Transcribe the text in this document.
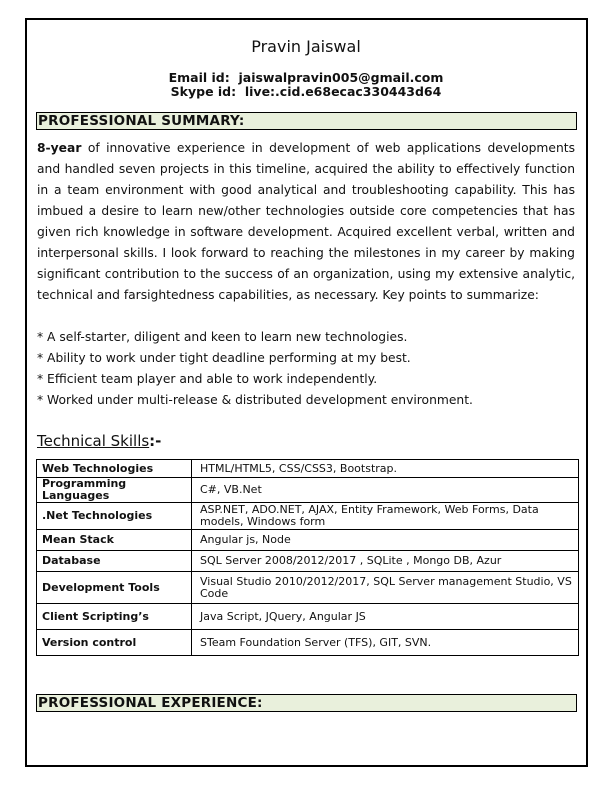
Pravin Jaiswal
Email id: jaiswalpravin005@gmail.com
Skype id: live:.cid.e68ecac330443d64
PROFESSIONAL SUMMARY:
8-year of innovative experience in development of web applications developments and handled seven projects in this timeline, acquired the ability to effectively function in a team environment with good analytical and troubleshooting capability. This has imbued a desire to learn new/other technologies outside core competencies that has given rich knowledge in software development. Acquired excellent verbal, written and interpersonal skills. I look forward to reaching the milestones in my career by making significant contribution to the success of an organization, using my extensive analytic, technical and farsightedness capabilities, as necessary. Key points to summarize:
* A self-starter, diligent and keen to learn new technologies.
* Ability to work under tight deadline performing at my best.
* Efficient team player and able to work independently.
* Worked under multi-release & distributed development environment.
Technical Skills:-
Web Technologies	HTML/HTML5, CSS/CSS3, Bootstrap.
Programming Languages	C#, VB.Net
.Net Technologies	ASP.NET, ADO.NET, AJAX, Entity Framework, Web Forms, Data models, Windows form
Mean Stack	Angular js, Node
Database	SQL Server 2008/2012/2017 , SQLite , Mongo DB, Azur
Development Tools	Visual Studio 2010/2012/2017, SQL Server management Studio, VS Code
Client Scripting’s	Java Script, JQuery, Angular JS
Version control	STeam Foundation Server (TFS), GIT, SVN.
PROFESSIONAL EXPERIENCE:
